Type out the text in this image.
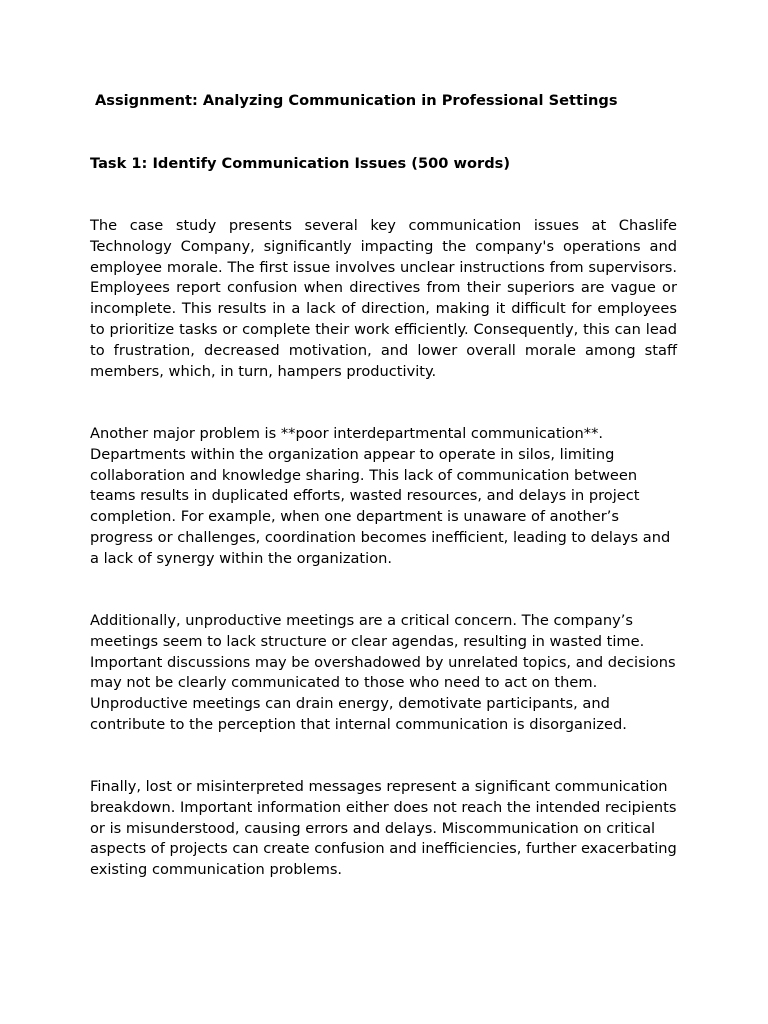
Assignment: Analyzing Communication in Professional Settings
Task 1: Identify Communication Issues (500 words)

The case study presents several key communication issues at Chaslife Technology Company, significantly impacting the company's operations and employee morale. The first issue involves unclear instructions from supervisors. Employees report confusion when directives from their superiors are vague or incomplete. This results in a lack of direction, making it difficult for employees to prioritize tasks or complete their work efficiently. Consequently, this can lead to frustration, decreased motivation, and lower overall morale among staff members, which, in turn, hampers productivity.

Another major problem is **poor interdepartmental communication**. Departments within the organization appear to operate in silos, limiting collaboration and knowledge sharing. This lack of communication between teams results in duplicated efforts, wasted resources, and delays in project completion. For example, when one department is unaware of another’s progress or challenges, coordination becomes inefficient, leading to delays and a lack of synergy within the organization.

Additionally, unproductive meetings are a critical concern. The company’s meetings seem to lack structure or clear agendas, resulting in wasted time. Important discussions may be overshadowed by unrelated topics, and decisions may not be clearly communicated to those who need to act on them. Unproductive meetings can drain energy, demotivate participants, and contribute to the perception that internal communication is disorganized.

Finally, lost or misinterpreted messages represent a significant communication breakdown. Important information either does not reach the intended recipients or is misunderstood, causing errors and delays. Miscommunication on critical aspects of projects can create confusion and inefficiencies, further exacerbating existing communication problems.
